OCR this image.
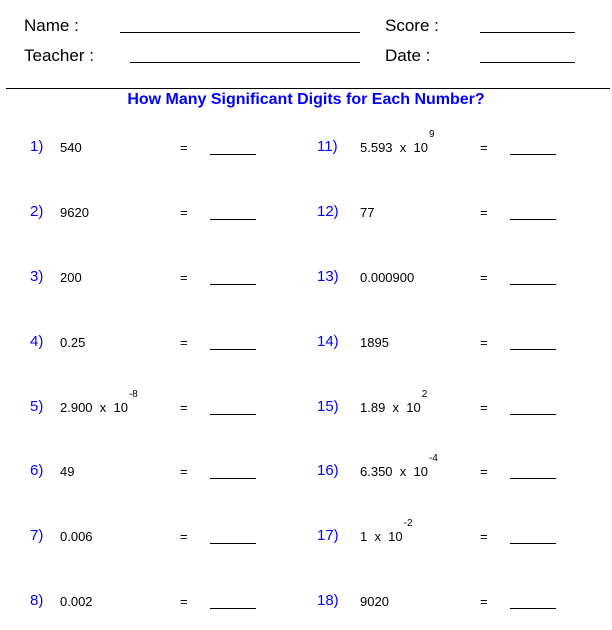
Name :
Teacher :
Score :
Date :
How Many Significant Digits for Each Number?
1) 540	=
2) 9620	=
3) 200	=
4) 0.25	=
5) 2.900  x  10
-8
=
6) 49	=
7) 0.006	=
8) 0.002	=
11) 5.593  x  10
9
=
12) 77	=
13) 0.000900	=
14) 1895	=
15) 1.89  x  10
2
=
16) 6.350  x  10
-4
=
17) 1  x  10
-2
=
18) 9020	=
